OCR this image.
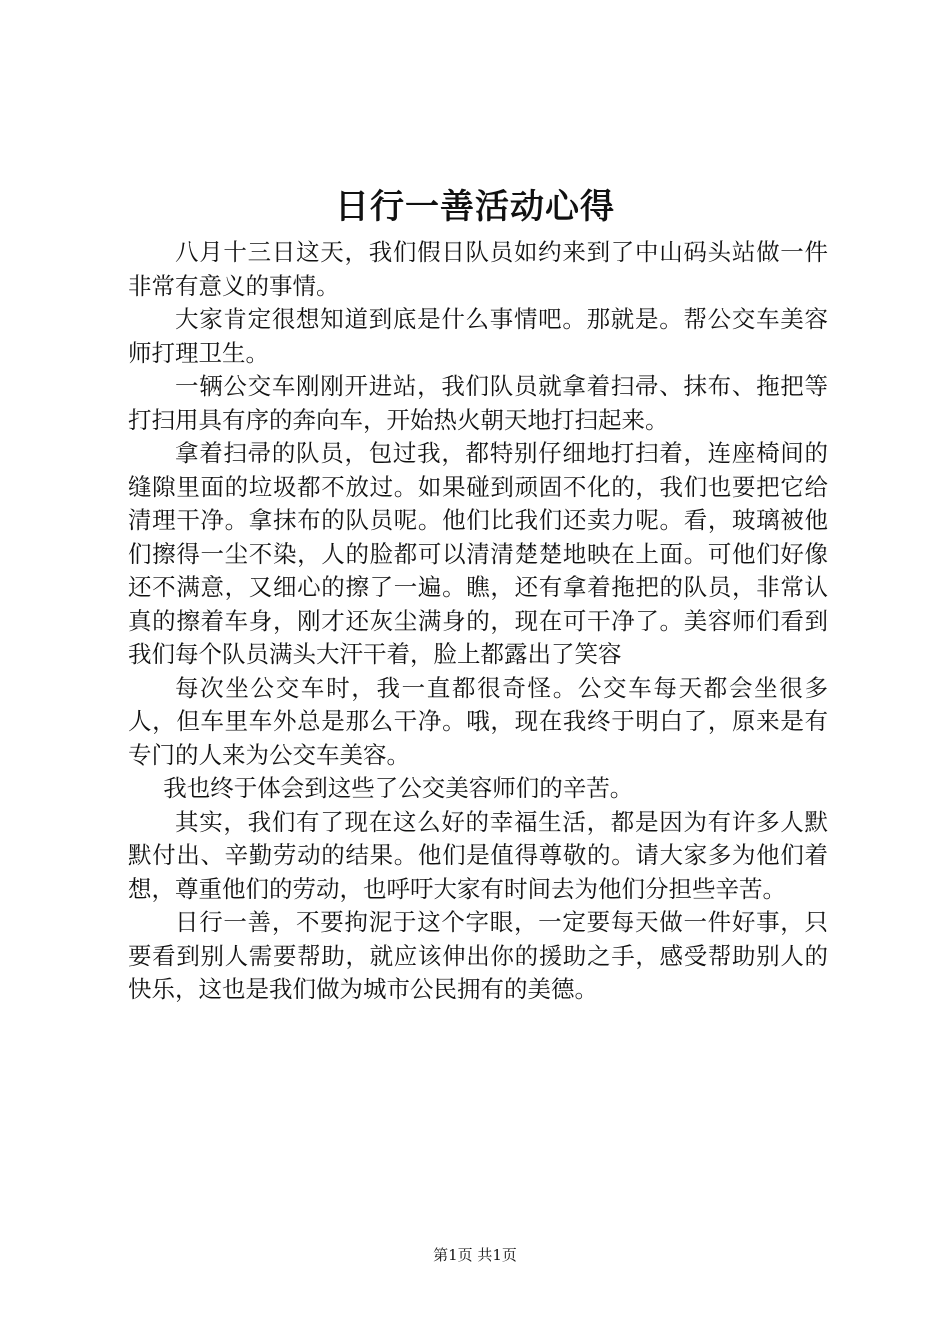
日行一善活动心得

八月十三日这天，我们假日队员如约来到了中山码头站做一件非常有意义的事情。

大家肯定很想知道到底是什么事情吧。那就是。帮公交车美容师打理卫生。

一辆公交车刚刚开进站，我们队员就拿着扫帚、抹布、拖把等打扫用具有序的奔向车，开始热火朝天地打扫起来。

拿着扫帚的队员，包过我，都特别仔细地打扫着，连座椅间的缝隙里面的垃圾都不放过。如果碰到顽固不化的，我们也要把它给清理干净。拿抹布的队员呢。他们比我们还卖力呢。看，玻璃被他们擦得一尘不染，人的脸都可以清清楚楚地映在上面。可他们好像还不满意，又细心的擦了一遍。瞧，还有拿着拖把的队员，非常认真的擦着车身，刚才还灰尘满身的，现在可干净了。美容师们看到我们每个队员满头大汗干着，脸上都露出了笑容

每次坐公交车时，我一直都很奇怪。公交车每天都会坐很多人，但车里车外总是那么干净。哦，现在我终于明白了，原来是有专门的人来为公交车美容。

我也终于体会到这些了公交美容师们的辛苦。

其实，我们有了现在这么好的幸福生活，都是因为有许多人默默付出、辛勤劳动的结果。他们是值得尊敬的。请大家多为他们着想，尊重他们的劳动，也呼吁大家有时间去为他们分担些辛苦。

日行一善，不要拘泥于这个字眼，一定要每天做一件好事，只要看到别人需要帮助，就应该伸出你的援助之手，感受帮助别人的快乐，这也是我们做为城市公民拥有的美德。

第1页 共1页
